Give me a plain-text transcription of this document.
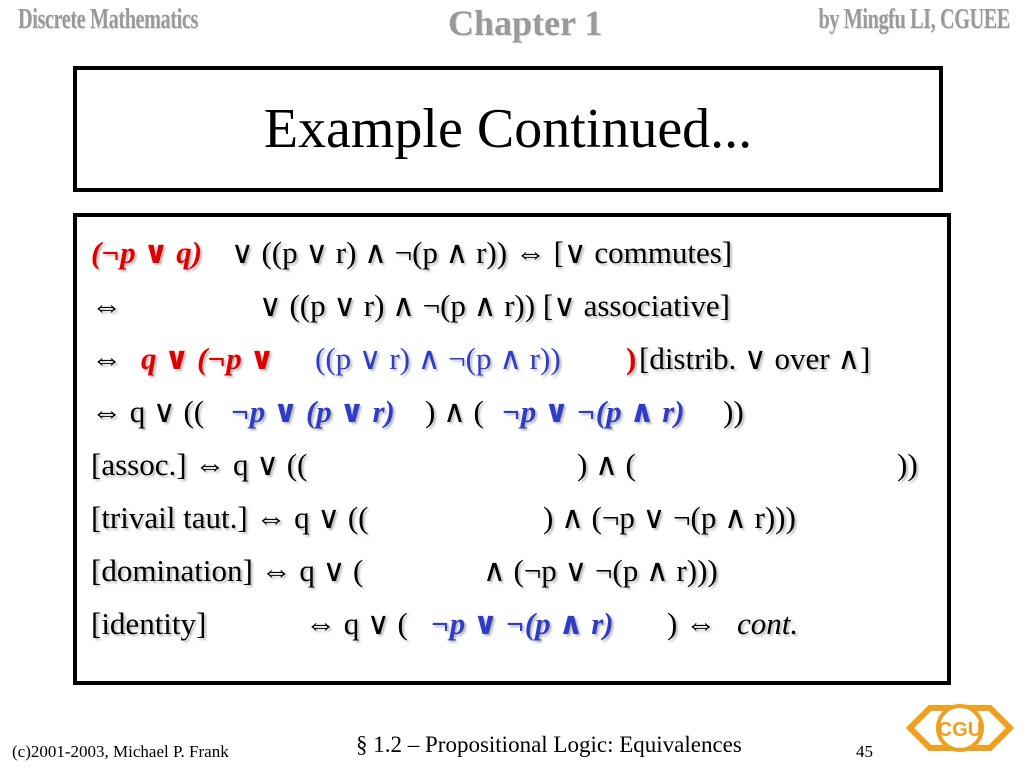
Discrete Mathematics	Chapter 1	by Mingfu LI, CGUEE
Example Continued...
(¬p ∨ q) ∨ ((p ∨ r) ∧ ¬(p ∧ r)) ⇔ [∨ commutes]
⇔	∨ ((p ∨ r) ∧ ¬(p ∧ r)) [∨ associative]
⇔ q ∨ (¬p ∨ ((p ∨ r) ∧ ¬(p ∧ r)) ) [distrib. ∨ over ∧]
⇔ q ∨ (( ¬p ∨ (p ∨ r) ) ∧ ( ¬p ∨ ¬(p ∧ r) ))
[assoc.] ⇔ q ∨ ((	) ∧ (	))
[trivail taut.] ⇔ q ∨ ((	) ∧ (¬p ∨ ¬(p ∧ r)))
[domination] ⇔ q ∨ (	∧ (¬p ∨ ¬(p ∧ r)))
[identity]	⇔ q ∨ ( ¬p ∨ ¬(p ∧ r) ) ⇔ cont.
(c)2001-2003, Michael P. Frank	§ 1.2 – Propositional Logic: Equivalences	45
CGU
